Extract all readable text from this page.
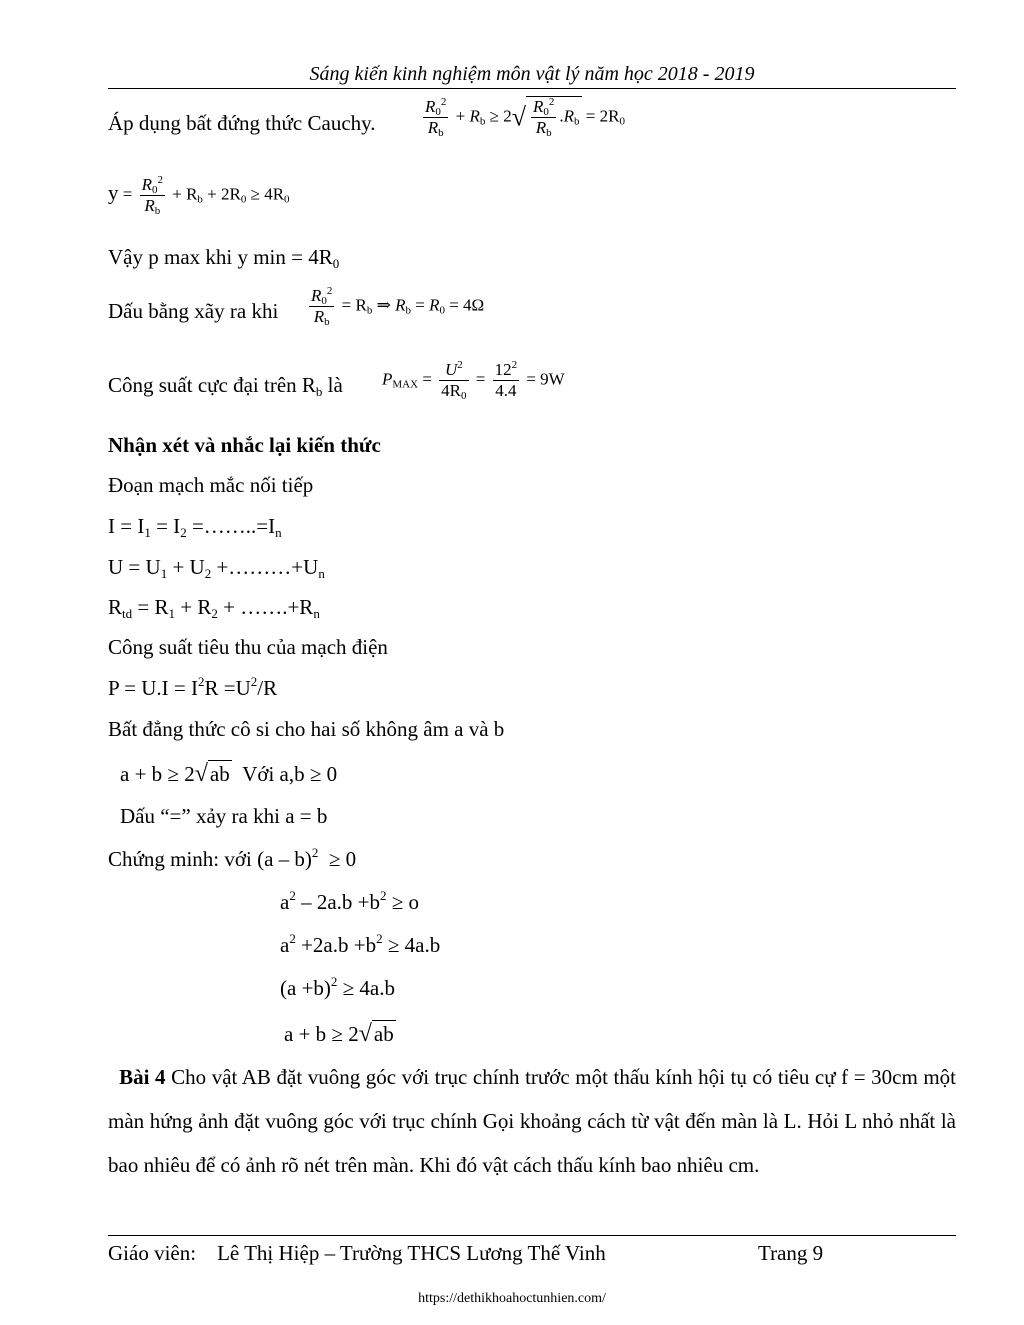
Sáng kiến kinh nghiệm môn vật lý năm học 2018 - 2019
Áp dụng bất đứng thức Cauchy.	$\frac{R0^2}{Rb} + Rb \ge 2√ \frac{R0^2}{Rb} .Rb = 2R0$
$y = \frac{R0^2}{Rb} + Rb + 2R0 \ge 4R0$
Vậy p max khi y $\min = 4R_0$
Dấu bằng xãy ra khi $\frac{R0^2}{Rb} = Rb$ ⇒ Rb = R0 = 4Ω
Công suất cực đại trên $R_b$ là PMAX = $\frac{U^2}{4R0} = \frac{12^2}{4.4} = 9W$
Nhận xét và nhắc lại kiến thức
Đoạn mạch mắc nối tiếp
$I = I_1 = I_2$ $=\dots\dots..=I_n$
$U = U_1 + U_2$ $+\dots\dots\dots+U_n$
$R_{td} = R_1 + R_2$ + $\dots\dots.+R_n$
Công suất tiêu thu của mạch điện
$P = U.I = I^2R =U^2/R$
Bất đẳng thức cô si cho hai số không âm a và b
a + b ≥ 2√ab Với a,b ≥ 0
Dấu “=” xảy ra khi a = b
Chứng minh: với (a – b)$^2$ ≥ 0
$a^2 - 2a.b +b^2 \ge o$
$a^2 +2a.b +b^2 \ge 4a.b$
$(a +b)^2 \ge 4a.b$
a + b ≥ 2√ab
Bài 4 Cho vật AB đặt vuông góc với trục chính trước một thấu kính hội tụ có tiêu cự f = 30cm một màn hứng ảnh đặt vuông góc với trục chính Gọi khoảng cách từ vật đến màn là L. Hỏi L nhỏ nhất là bao nhiêu để có ảnh rõ nét trên màn. Khi đó vật cách thấu kính bao nhiêu cm.
Giáo viên: Lê Thị Hiệp – Trường THCS Lương Thế Vinh	Trang 9
https://dethikhoahoctunhien.com/
